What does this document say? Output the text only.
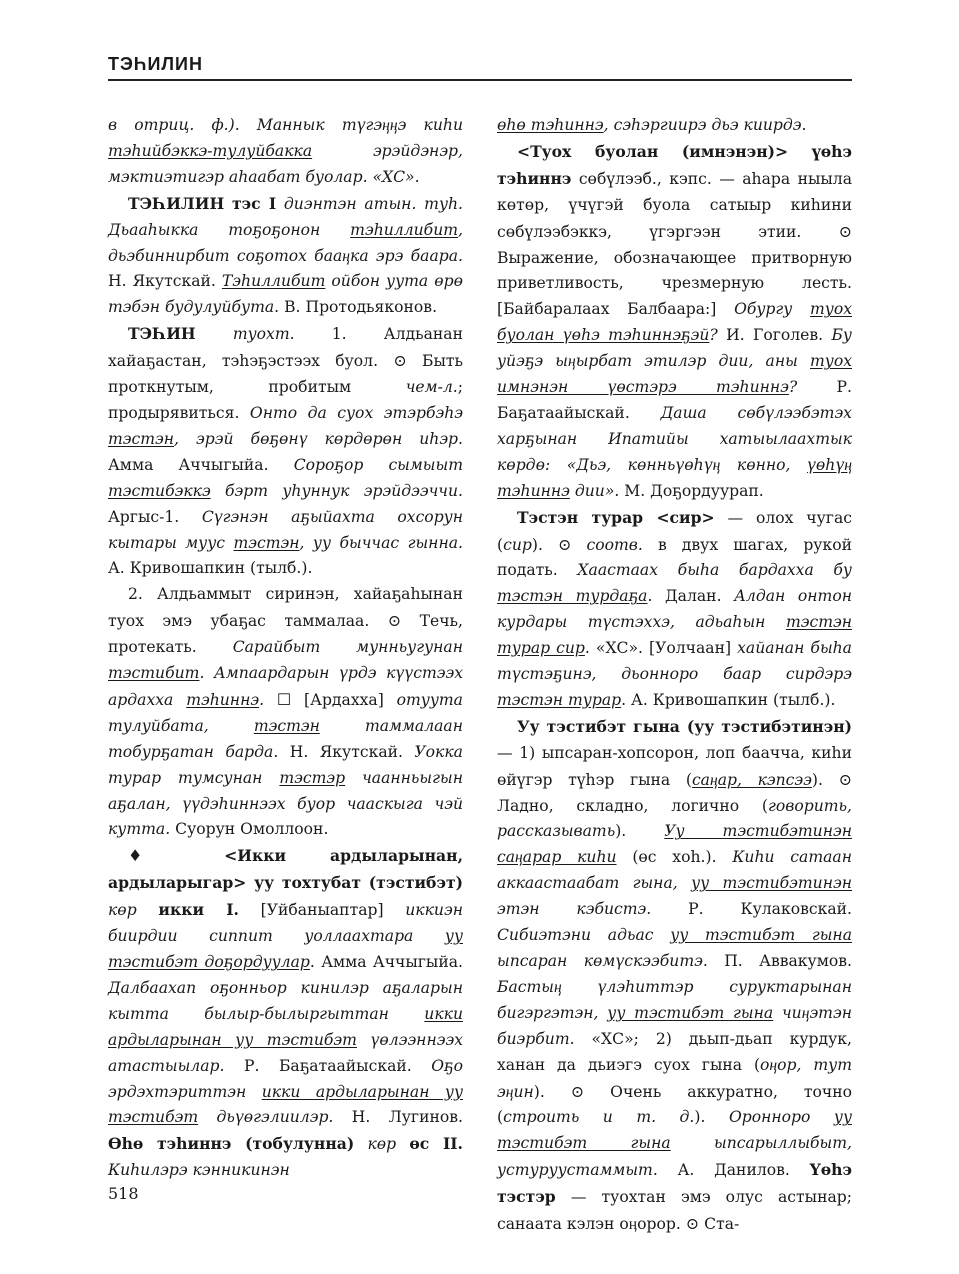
ТЭҺИЛИН

в отриц. ф.). Маннык түгэӊӊэ киһи тэһийбэккэ-тулуйбакка	эрэйдэнэр, мэктиэтигэр аһаабат буолар. «ХС».

ТЭҺИЛИН тэс I диэнтэн атын. туһ. Дьааһыкка тоҕоҕонон тэһиллибит, дьэбиннирбит соҕотох бааӊка эрэ баара. Н. Якутскай. Тэһиллибит ойбон уута өрө тэбэн будулуйбута. В. Протодьяконов.

ТЭҺИН туохт. 1. Алдьанан хайаҕастан, тэһэҕэстээх буол. ⊙ Быть проткнутым, пробитым	чем-л.; продырявиться. Онто да суох этэрбэһэ тэстэн, эрэй бөҕөнү көрдөрөн иһэр. Амма Аччыгыйа. Сороҕор сымыыт тэстибэккэ бэрт уһуннук эрэйдээччи. Аргыс-1. Сүгэнэн аҕыйахта охсорун кытары муус тэстэн, уу быччас гынна. А. Кривошапкин (тылб.).

2. Алдьаммыт сиринэн, хайаҕаһынан туох эмэ убаҕас таммалаа. ⊙ Течь, протекать. Сарайбыт мунньугунан тэстибит. Ампаардарын үрдэ күүстээх ардахха тэһиннэ. ☐ [Ардахха] отуута тулуйбата,	тэстэн	таммалаан тобурҕатан барда. Н. Якутскай. Уокка турар тумсунан тэстэр чаанньыгын аҕалан, үүдэһиннээх буор чааскыга чэй кутта. Суорун Омоллоон.

♦	<Икки ардыларынан, ардыларыгар> уу тохтубат (тэстибэт) көр икки I. [Уйбаныаптар] иккиэн биирдии сиппит уоллаахтара уу тэстибэт доҕордуулар. Амма Аччыгыйа. Далбаахап оҕонньор кинилэр аҕаларын кытта былыр-былыргыттан икки ардыларынан уу тэстибэт үөлээннээх атастыылар. Р. Баҕатаайыскай. Оҕо эрдэхтэриттэн икки ардыларынан уу тэстибэт дьүөгэлиилэр. Н. Лугинов. Өһө тэһиннэ (тобулунна) көр өс II. Киһилэрэ кэнникинэн

өһө тэһиннэ, сэһэргиирэ дьэ киирдэ.

<Туох буолан (имнэнэн)> үөһэ тэһиннэ сөбүлээб., кэпс. — аһара ныыла көтөр, үчүгэй буола сатыыр киһини сөбүлээбэккэ, үгэргээн этии. ⊙ Выражение, обозначающее притворную приветливость, чрезмерную лесть. [Байбаралаах Балбаара:] Обургу туох буолан үөһэ тэһиннэҕэй? И. Гоголев. Бу уйэҕэ ыӊырбат этилэр дии, аны туох имнэнэн үөстэрэ тэһиннэ?	Р. Баҕатаайыскай. Даша сөбүлээбэтэх харҕынан Ипатийы хатыылаахтык көрдө: «Дьэ, көнньүөһүӊ көнно, үөһүӊ тэһиннэ дии». М. Доҕордуурап.

Тэстэн турар <сир> — олох чугас (сир). ⊙ соотв. в двух шагах, рукой подать. Хаастаах быһа бардахха бу тэстэн турдаҕа. Далан. Алдан онтон курдары түстэххэ, адьаһын тэстэн турар сир. «ХС». [Уолчаан] хайанан быһа түстэҕинэ, дьонноро баар сирдэрэ тэстэн турар. А. Кривошапкин (тылб.).

Уу тэстибэт гына (уу тэстибэтинэн) — 1) ыпсаран-хопсорон, лоп баачча, киһи өйүгэр түһэр гына (саӊар, кэпсээ). ⊙ Ладно, складно, логично (говорить, рассказывать). Уу тэстибэтинэн саӊарар киһи (өс хоһ.). Киһи сатаан аккаастаабат гына, уу тэстибэтинэн этэн кэбистэ. Р. Кулаковскай. Сибиэтэни адьас уу тэстибэт гына ыпсаран көмүскээбитэ. П. Аввакумов. Бастыӊ үлэһиттэр суруктарынан бигэргэтэн, уу тэстибэт гына чиӊэтэн биэрбит. «ХС»; 2) дьып-дьап курдук, ханан да дьиэгэ суох гына (оӊор, тут эӊин). ⊙ Очень аккуратно, точно (строить и т. д.). Оронноро уу тэстибэт гына	ыпсарыллыбыт, устуруустаммыт. А. Данилов. Үөһэ тэстэр — туохтан эмэ олус астынар; санаата кэлэн оӊорор. ⊙ Ста-

518
